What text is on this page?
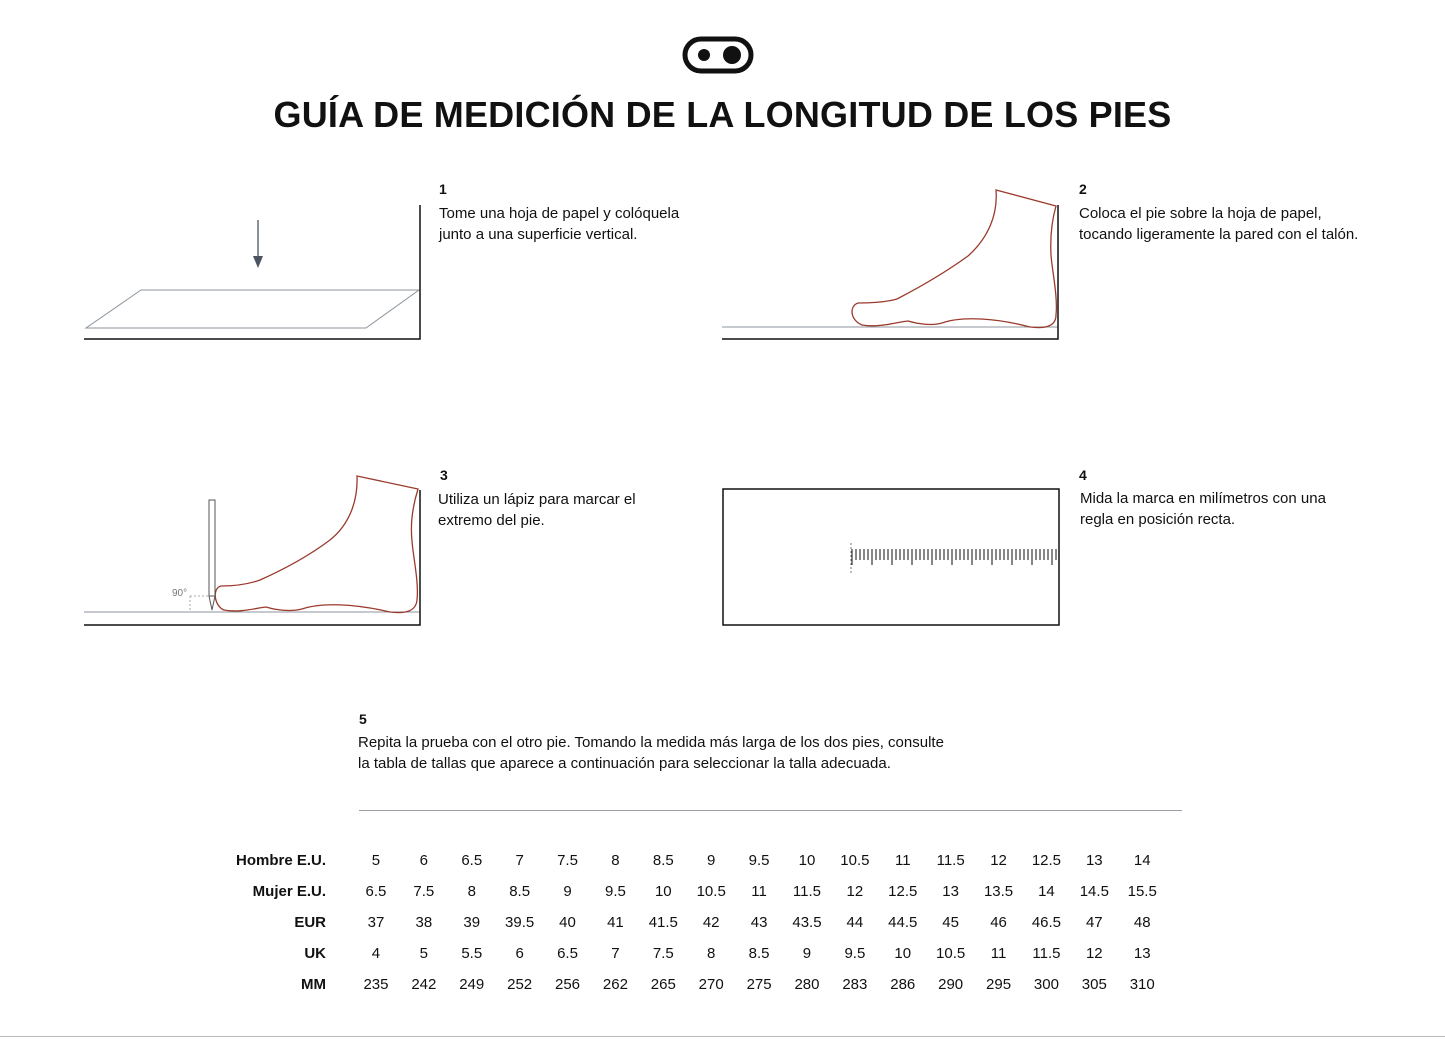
GUÍA DE MEDICIÓN DE LA LONGITUD DE LOS PIES
90°
1
Tome una hoja de papel y colóquela
junto a una superficie vertical.
2
Coloca el pie sobre la hoja de papel,
tocando ligeramente la pared con el talón.
3
Utiliza un lápiz para marcar el
extremo del pie.
4
Mida la marca en milímetros con una
regla en posición recta.
5
Repita la prueba con el otro pie. Tomando la medida más larga de los dos pies, consulte
la tabla de tallas que aparece a continuación para seleccionar la talla adecuada.
Hombre E.U.	5	6	6.5	7	7.5	8	8.5	9	9.5	10	10.5	11	11.5	12	12.5	13	14
Mujer E.U.	6.5	7.5	8	8.5	9	9.5	10	10.5	11	11.5	12	12.5	13	13.5	14	14.5	15.5
EUR	37	38	39	39.5	40	41	41.5	42	43	43.5	44	44.5	45	46	46.5	47	48
UK	4	5	5.5	6	6.5	7	7.5	8	8.5	9	9.5	10	10.5	11	11.5	12	13
MM	235	242	249	252	256	262	265	270	275	280	283	286	290	295	300	305	310
